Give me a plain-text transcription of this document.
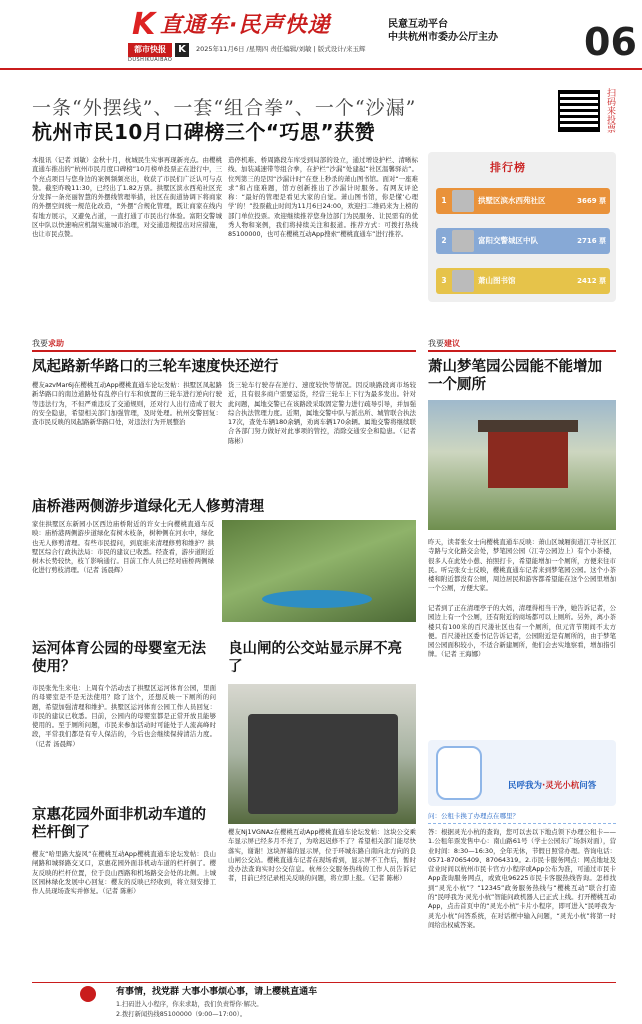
K 直通车·民声快递
都市快报
DUSHIKUAIBAO
K	2025年11月6日 /星期四 责任编辑/刘敏 | 版式设计/来玉辉
民意互动平台
中共杭州市委办公厅主办 06
一条“外摆线”、一套“组合拳”、一个“沙漏”
杭州市民10月口碑榜三个“巧思”获赞	扫码来投票
本报讯（记者 刘敏）金秋十月，杭城民生实事再现新亮点。由樱桃直通车推出的“杭州市民月度口碑榜”10月榜单投票正在进行中，三个亮点项目与您身边的案例频频亮出，收获了市民们广泛认可与点赞。截至昨晚11:30，已经出了1.82万票。拱墅区滨水西苑社区充分发挥一条亮丽智慧的外摆线管理举措，社区在街道协调下将商家的外摆空间统一规范化改造，“外摆”合规化管理，既让商家在线内有地方展示，又避免占道，一直打通了市民出行体验。富阳交警城区中队以快速响应机制实施城市治理，对交通违规提出对应措施，也让市民点赞。
造停机难、桥周路段车库受到局部的设立，通过增设护栏、清晰标线、加装减速带等组合拳，在护栏“沙漏”处建起“社区温馨驿站”。位列第三的是因“沙漏计时”在登上秒杀的萧山图书馆。面对“一座难求”和占座难题，馆方创新推出了沙漏计时服务。有网友评论称：“最好的管理是看见大家的自觉。萧山图书馆，你是懂‘心理学’的！”投票截止时间为11月6日24:00，欢迎扫二维码来为上榜的部门单位投票。欢迎继续推荐您身边部门为民服务、让民需有的优秀人物和案例，我们将持续关注和报道。推荐方式：可拨打热线85100000，也可在樱桃互动App搜索“樱桃直通车”进行推荐。
排行榜
1	拱墅区滨水西苑社区	3669 票
2	富阳交警城区中队	2716 票
3	萧山图书馆	2412 票
我要求助	我要建议
凤起路新华路口的三轮车速度快还逆行
樱友azvMar6j在樱桃互动App樱桃直通车论坛发帖：拱墅区凤起路新华路口的南边道路处有乱停自行车和放置的三轮车进行逆向行驶等违法行为，不但严重违反了交通规则，还对行人出行造成了很大的安全隐患，希望相关部门加强管理，及时处理。杭州交警回复：查市民反映的凤起路新华路口处，对违法行为开展整治
货三轮车行驶存在逆行、速度较快等情况。因反映路段离市场较近，且有很多商户需要运货，经营三轮车上下行为最多发出。针对此问题，属地交警已在该路段采取固定警力进行疏导引导，并加强综合执法管理力度。近期，属地交警中队与派出所、城管联合执法17次，查处车辆180余辆，劝离车辆170余辆。属地交警将继续联合各部门努力做好对此事项的管控，消除交通安全和隐患。（记者 陈彬）
庙桥港两侧游步道绿化无人修剪清理
家住拱墅区东新园小区西边庙桥附近的许女士向樱桃直通车反映：庙桥港两侧游步道绿化有树木枝条，树种侧在河水中，绿化也无人修剪清理。有些市民提问，到底谁来清理修剪和维护？拱墅区综合行政执法局：市民的建议已收悉。经查看，游步道附近树木长势较快，枝丫影响通行。目前工作人员已经对庙桥两侧绿化进行剪枝清理。（记者 汤晨辉）
运河体育公园的母婴室无法使用？
市民张先生来电：上周有个活动去了拱墅区运河体育公园，里面的母婴室是不是无法使用？除了这个，还想反映一下厕所的问题，希望加强清理和维护。拱墅区运河体育公园工作人员回复：市民的建议已收悉。目前，公园内的母婴室都是正常开放且能够使用的。至于厕所问题，市民来参加活动时可能处于人流高峰时段，平常我们都是有专人保洁的，今后也会继续保持清洁力度。（记者 汤晨辉）
良山闸的公交站显示屏不亮了
樱友Nj1VGNAz在樱桃互动App樱桃直通车论坛发帖：这块公交乘车显示屏已经多月不亮了，为啥迟迟修不了？希望相关部门能尽快落实，谢谢！这块屏幕的显示屏，位于环城东路自南向北方向的良山闸公交站。樱桃直通车记者在现场看到，显示屏不工作后，暂时没办法查询实时公交信息。杭州公交服务热线的工作人员告诉记者，目前已经记录相关反映的问题，将立即上报。（记者 陈彬）
京惠花园外面非机动车道的栏杆倒了
樱友“哈里路大旋风”在樱桃互动App樱桃直通车论坛发帖：良山闸路和城驿路交叉口，京惠花园外面非机动车道的栏杆倒了。樱友反映的栏杆位置，位于良山西路和机场路交会处的北侧。上城区园林绿化发展中心回复：樱友的反映已经收到，将立刻安排工作人员现场查实并修复。（记者 陈彬）
萧山梦笔园公园能不能增加一个厕所
昨天，读者张女士向樱桃直通车反映：萧山区城厢街道江寺社区江寺路与文化路交会处，梦笔园公园（江寺公园边上）有个小茶楼，很多人在此处小憩、拍照打卡，希望能增加一个厕所，方便来往市民。听完张女士反映，樱桃直通车记者来到梦笔园公园。这个小茶楼和附近都没有公厕，周边居民和游客都希望能在这个公园里增加一个公厕，方便大家。
记者到了正在清理亭子的大妈，清理得相当干净，她告诉记者，公园边上有一个公厕，还有附近的商场都可以上厕所。另外，离小茶楼只有100米的百尺溇社区也有一个厕所，但元宵节期间不太方便。百尺溇社区委书记告诉记者，公园附近是有厕所的，由于梦笔园公园面积较小，不适合新建厕所，他们会去实地察看，增加指引牌。（记者 王海娜）
民呼我为·灵光小杭问答
问：公租卡换了办理点在哪里？
答：根据灵光小杭的查询，您可以去以下地点领下办理公租卡——1.公租年票发售中心：南山路61号（学士公园东广场斜对面），营业时间：8:30—16:30，全年无休，节假日照常办理。咨询电话：0571-87065409、87064319。2.市民卡服务网点：网点地址及营业时间以杭州市民卡官方小程序或App公布为准，可通过市民卡App查询服务网点，或致电96225市民卡客服热线咨询。怎样找到“灵光小杭”？“12345”政务服务热线与“樱桃互动”联合打造的“民呼我为·灵光小杭”智能问政机器人已正式上线。打开樱桃互动App，点击首页中的“灵光小杭”卡片小程序，即可进入“民呼我为·灵光小杭”问答系统，在对话框中输入问题，“灵光小杭”将第一时间给出权威答案。
有事情，找党群 大事小事烦心事，请上樱桃直通车
1.扫码进入小程序，你来求助，我们负责帮你·解决。
2.拨打新闻热线85100000（9:00—17:00）。
